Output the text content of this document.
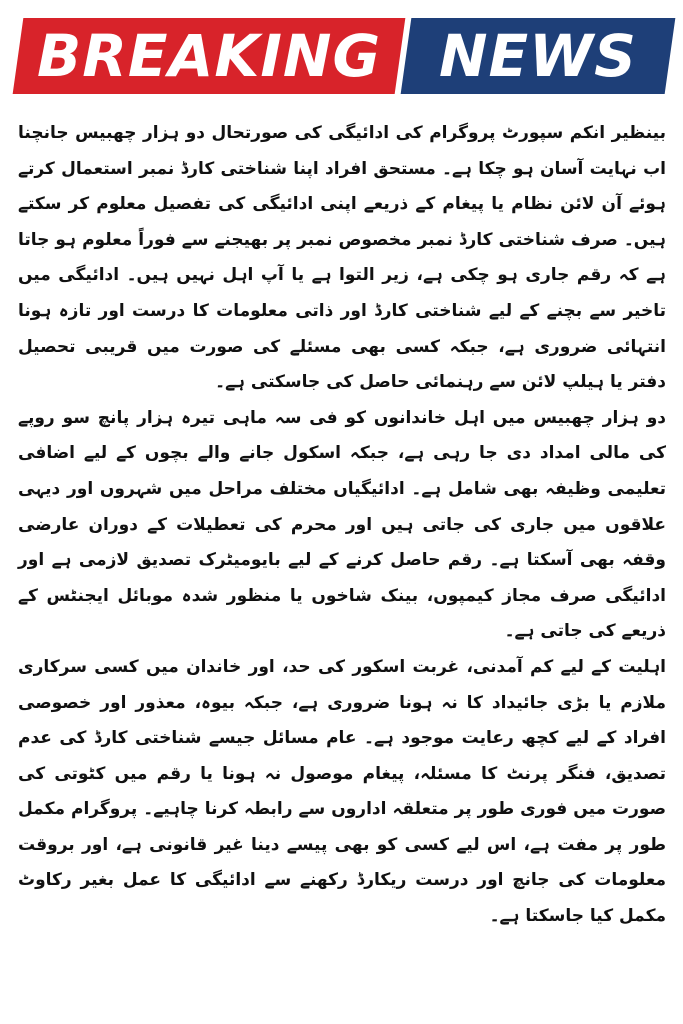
BREAKING NEWS

بینظیر انکم سپورٹ پروگرام کی ادائیگی کی صورتحال دو ہزار چھبیس جانچنا اب نہایت آسان ہو چکا ہے۔ مستحق افراد اپنا شناختی کارڈ نمبر استعمال کرتے ہوئے آن لائن نظام یا پیغام کے ذریعے اپنی ادائیگی کی تفصیل معلوم کر سکتے ہیں۔ صرف شناختی کارڈ نمبر مخصوص نمبر پر بھیجنے سے فوراً معلوم ہو جاتا ہے کہ رقم جاری ہو چکی ہے، زیر التوا ہے یا آپ اہل نہیں ہیں۔ ادائیگی میں تاخیر سے بچنے کے لیے شناختی کارڈ اور ذاتی معلومات کا درست اور تازہ ہونا انتہائی ضروری ہے، جبکہ کسی بھی مسئلے کی صورت میں قریبی تحصیل دفتر یا ہیلپ لائن سے رہنمائی حاصل کی جاسکتی ہے۔

دو ہزار چھبیس میں اہل خاندانوں کو فی سہ ماہی تیرہ ہزار پانچ سو روپے کی مالی امداد دی جا رہی ہے، جبکہ اسکول جانے والے بچوں کے لیے اضافی تعلیمی وظیفہ بھی شامل ہے۔ ادائیگیاں مختلف مراحل میں شہروں اور دیہی علاقوں میں جاری کی جاتی ہیں اور محرم کی تعطیلات کے دوران عارضی وقفہ بھی آسکتا ہے۔ رقم حاصل کرنے کے لیے بایومیٹرک تصدیق لازمی ہے اور ادائیگی صرف مجاز کیمپوں، بینک شاخوں یا منظور شدہ موبائل ایجنٹس کے ذریعے کی جاتی ہے۔

اہلیت کے لیے کم آمدنی، غربت اسکور کی حد، اور خاندان میں کسی سرکاری ملازم یا بڑی جائیداد کا نہ ہونا ضروری ہے، جبکہ بیوہ، معذور اور خصوصی افراد کے لیے کچھ رعایت موجود ہے۔ عام مسائل جیسے شناختی کارڈ کی عدم تصدیق، فنگر پرنٹ کا مسئلہ، پیغام موصول نہ ہونا یا رقم میں کٹوتی کی صورت میں فوری طور پر متعلقہ اداروں سے رابطہ کرنا چاہیے۔ پروگرام مکمل طور پر مفت ہے، اس لیے کسی کو بھی پیسے دینا غیر قانونی ہے، اور بروقت معلومات کی جانچ اور درست ریکارڈ رکھنے سے ادائیگی کا عمل بغیر رکاوٹ مکمل کیا جاسکتا ہے۔
